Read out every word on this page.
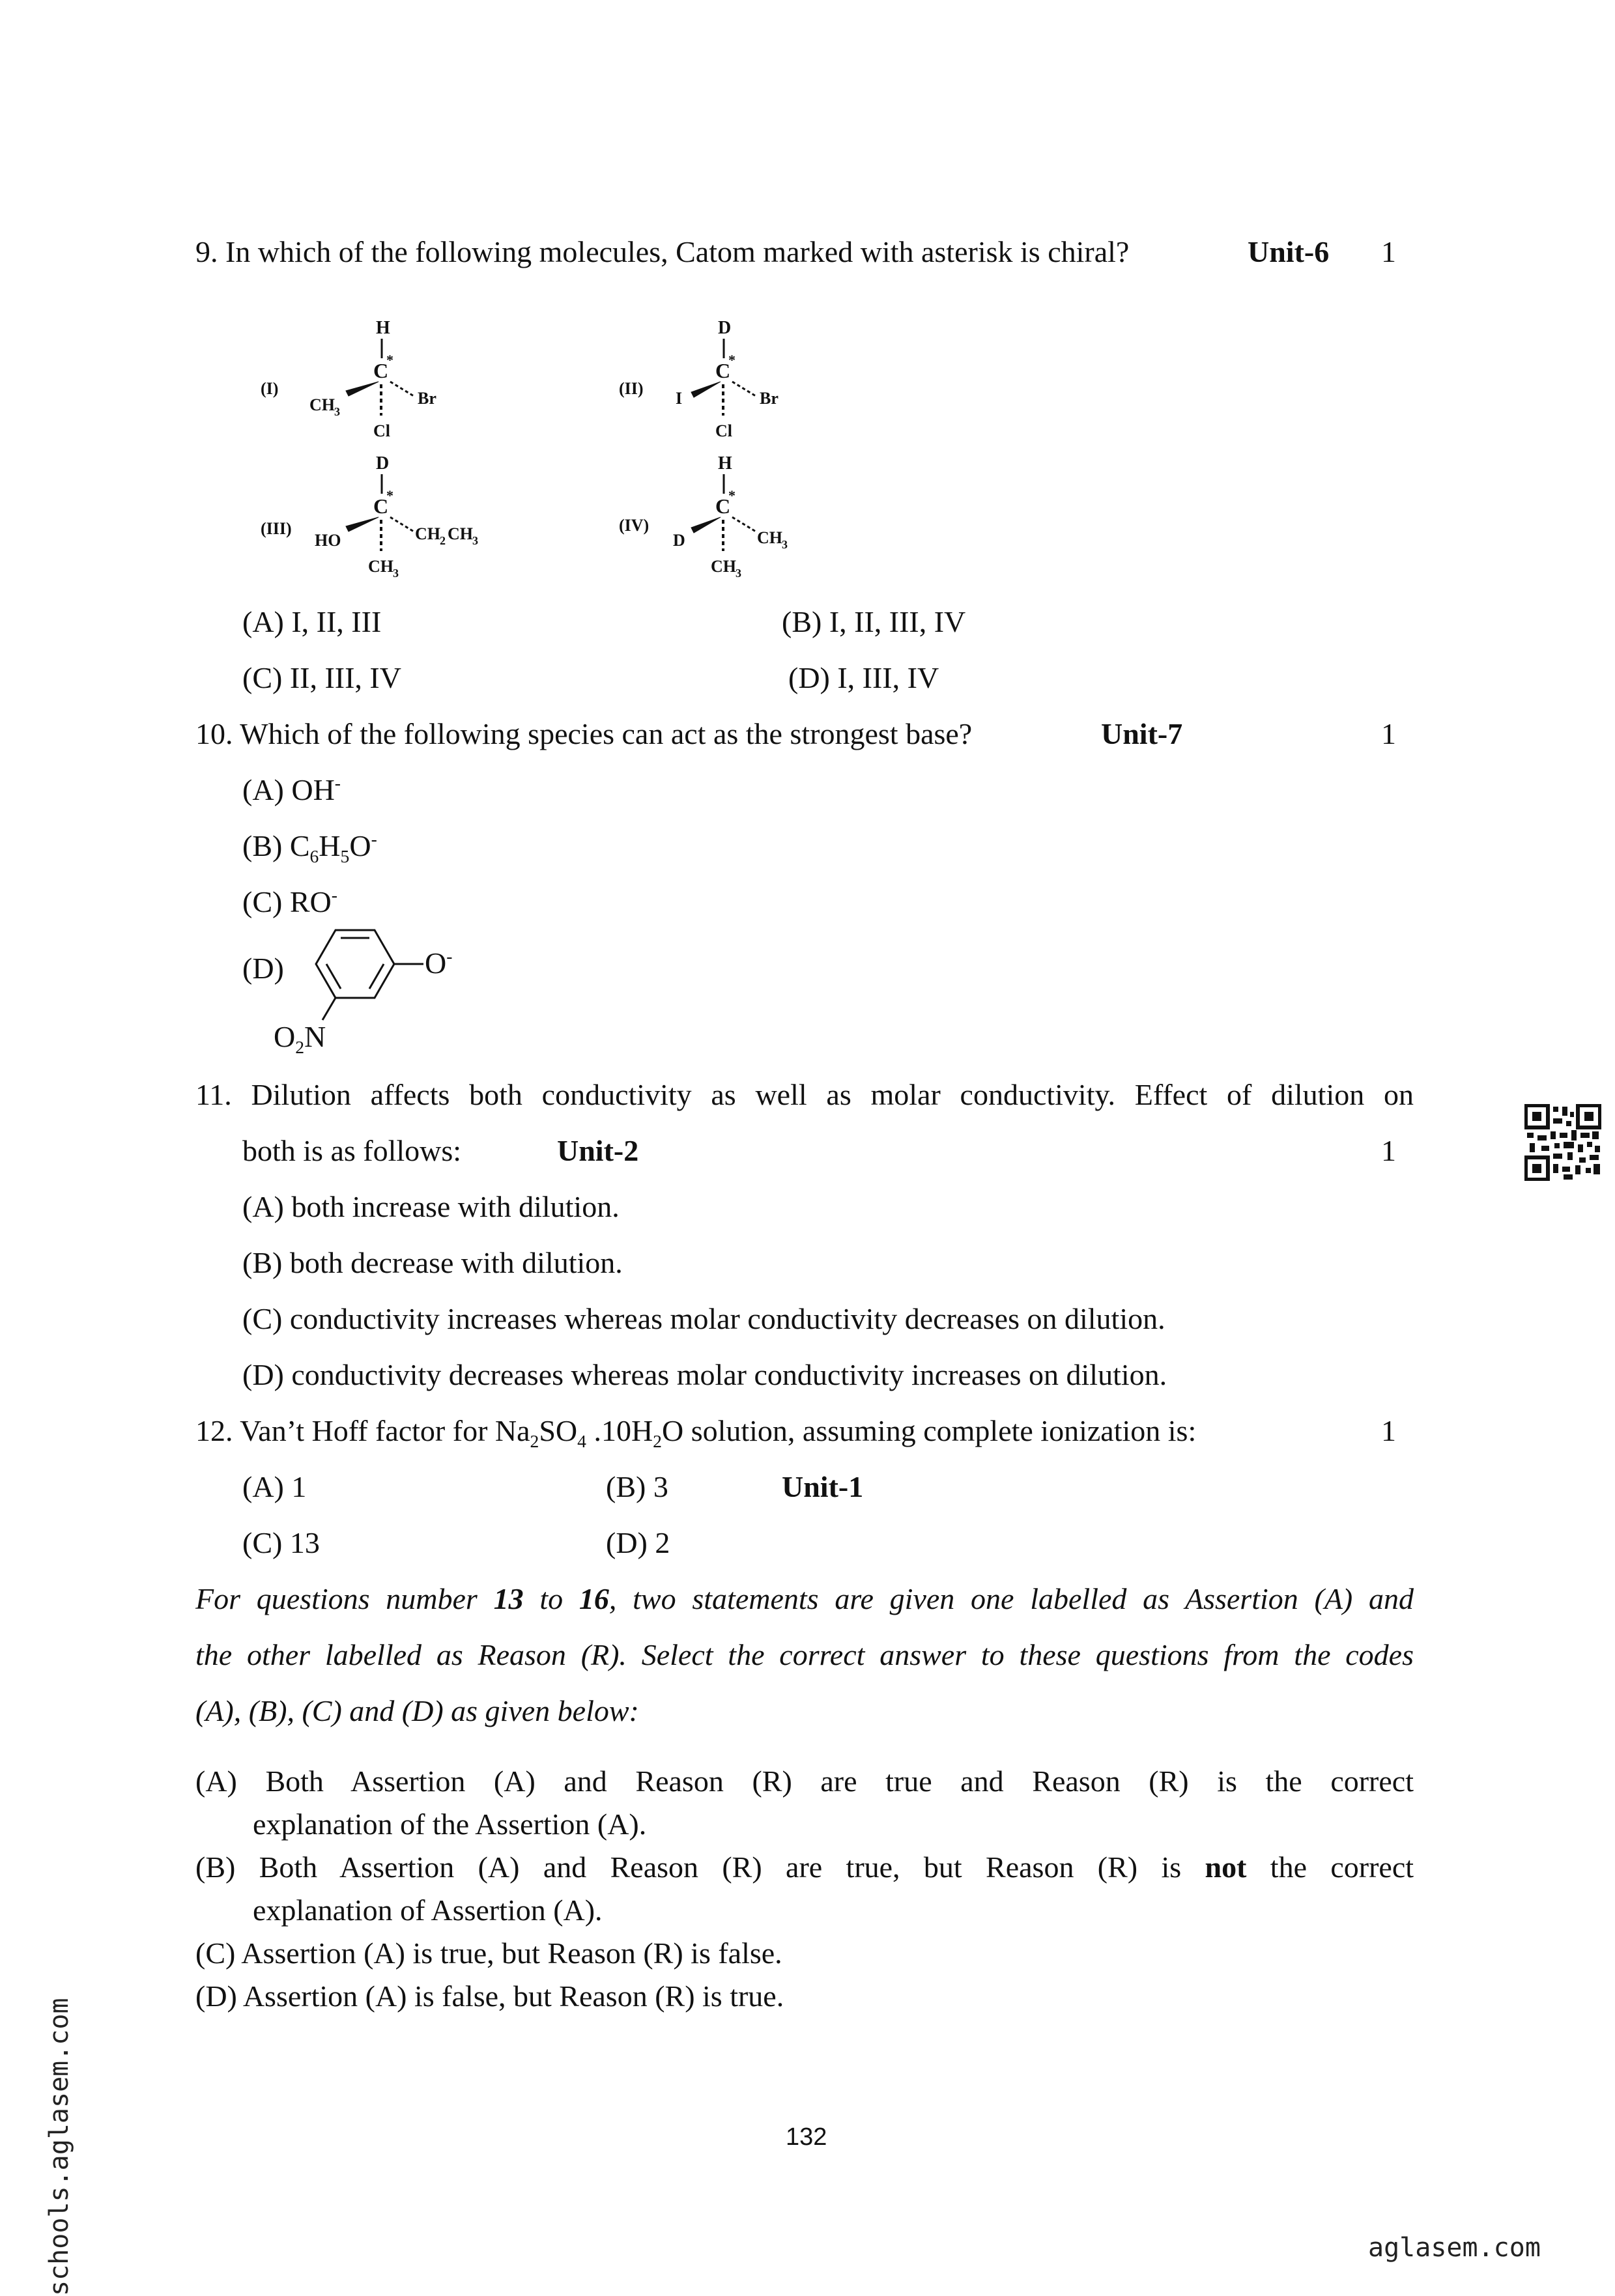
9. In which of the following molecules, Catom marked with asterisk is chiral?	Unit-6 1
(I)
H
C
*
CH 3
Br
Cl
(II)
D
C
*
I	Br
Cl
(III)
D
C
*
HO	CH 2 CH 3
CH 3
(IV)
H
C
*
D	CH 3
CH 3
(A) I, II, III	(B) I, II, III, IV
(C) II, III, IV	(D) I, III, IV
10. Which of the following species can act as the strongest base?	Unit-7	1
(A) OH-
(B) $C_6H_5O^-$
(C) RO-
(D)	O-
$O_2N$
11. Dilution affects both conductivity as well as molar conductivity. Effect of dilution on
both is as follows:	Unit-2	1
(A) both increase with dilution.
(B) both decrease with dilution.
(C) conductivity increases whereas molar conductivity decreases on dilution.
(D) conductivity decreases whereas molar conductivity increases on dilution.
12. Van’t Hoff factor for $Na_2SO_4$ $.10H_2O$ solution, assuming complete ionization is:	1
(A) 1	(B) 3	Unit-1
(C) 13	(D) 2
For questions number 13 to 16, two statements are given one labelled as Assertion (A) and
the other labelled as Reason (R). Select the correct answer to these questions from the codes
(A), (B), (C) and (D) as given below:
(A) Both Assertion (A) and Reason (R) are true and Reason (R) is the correct
explanation of the Assertion (A).
(B) Both Assertion (A) and Reason (R) are true, but Reason (R) is not the correct
explanation of Assertion (A).
(C) Assertion (A) is true, but Reason (R) is false.
(D) Assertion (A) is false, but Reason (R) is true.
132
schools.aglasem.com	aglasem.com
